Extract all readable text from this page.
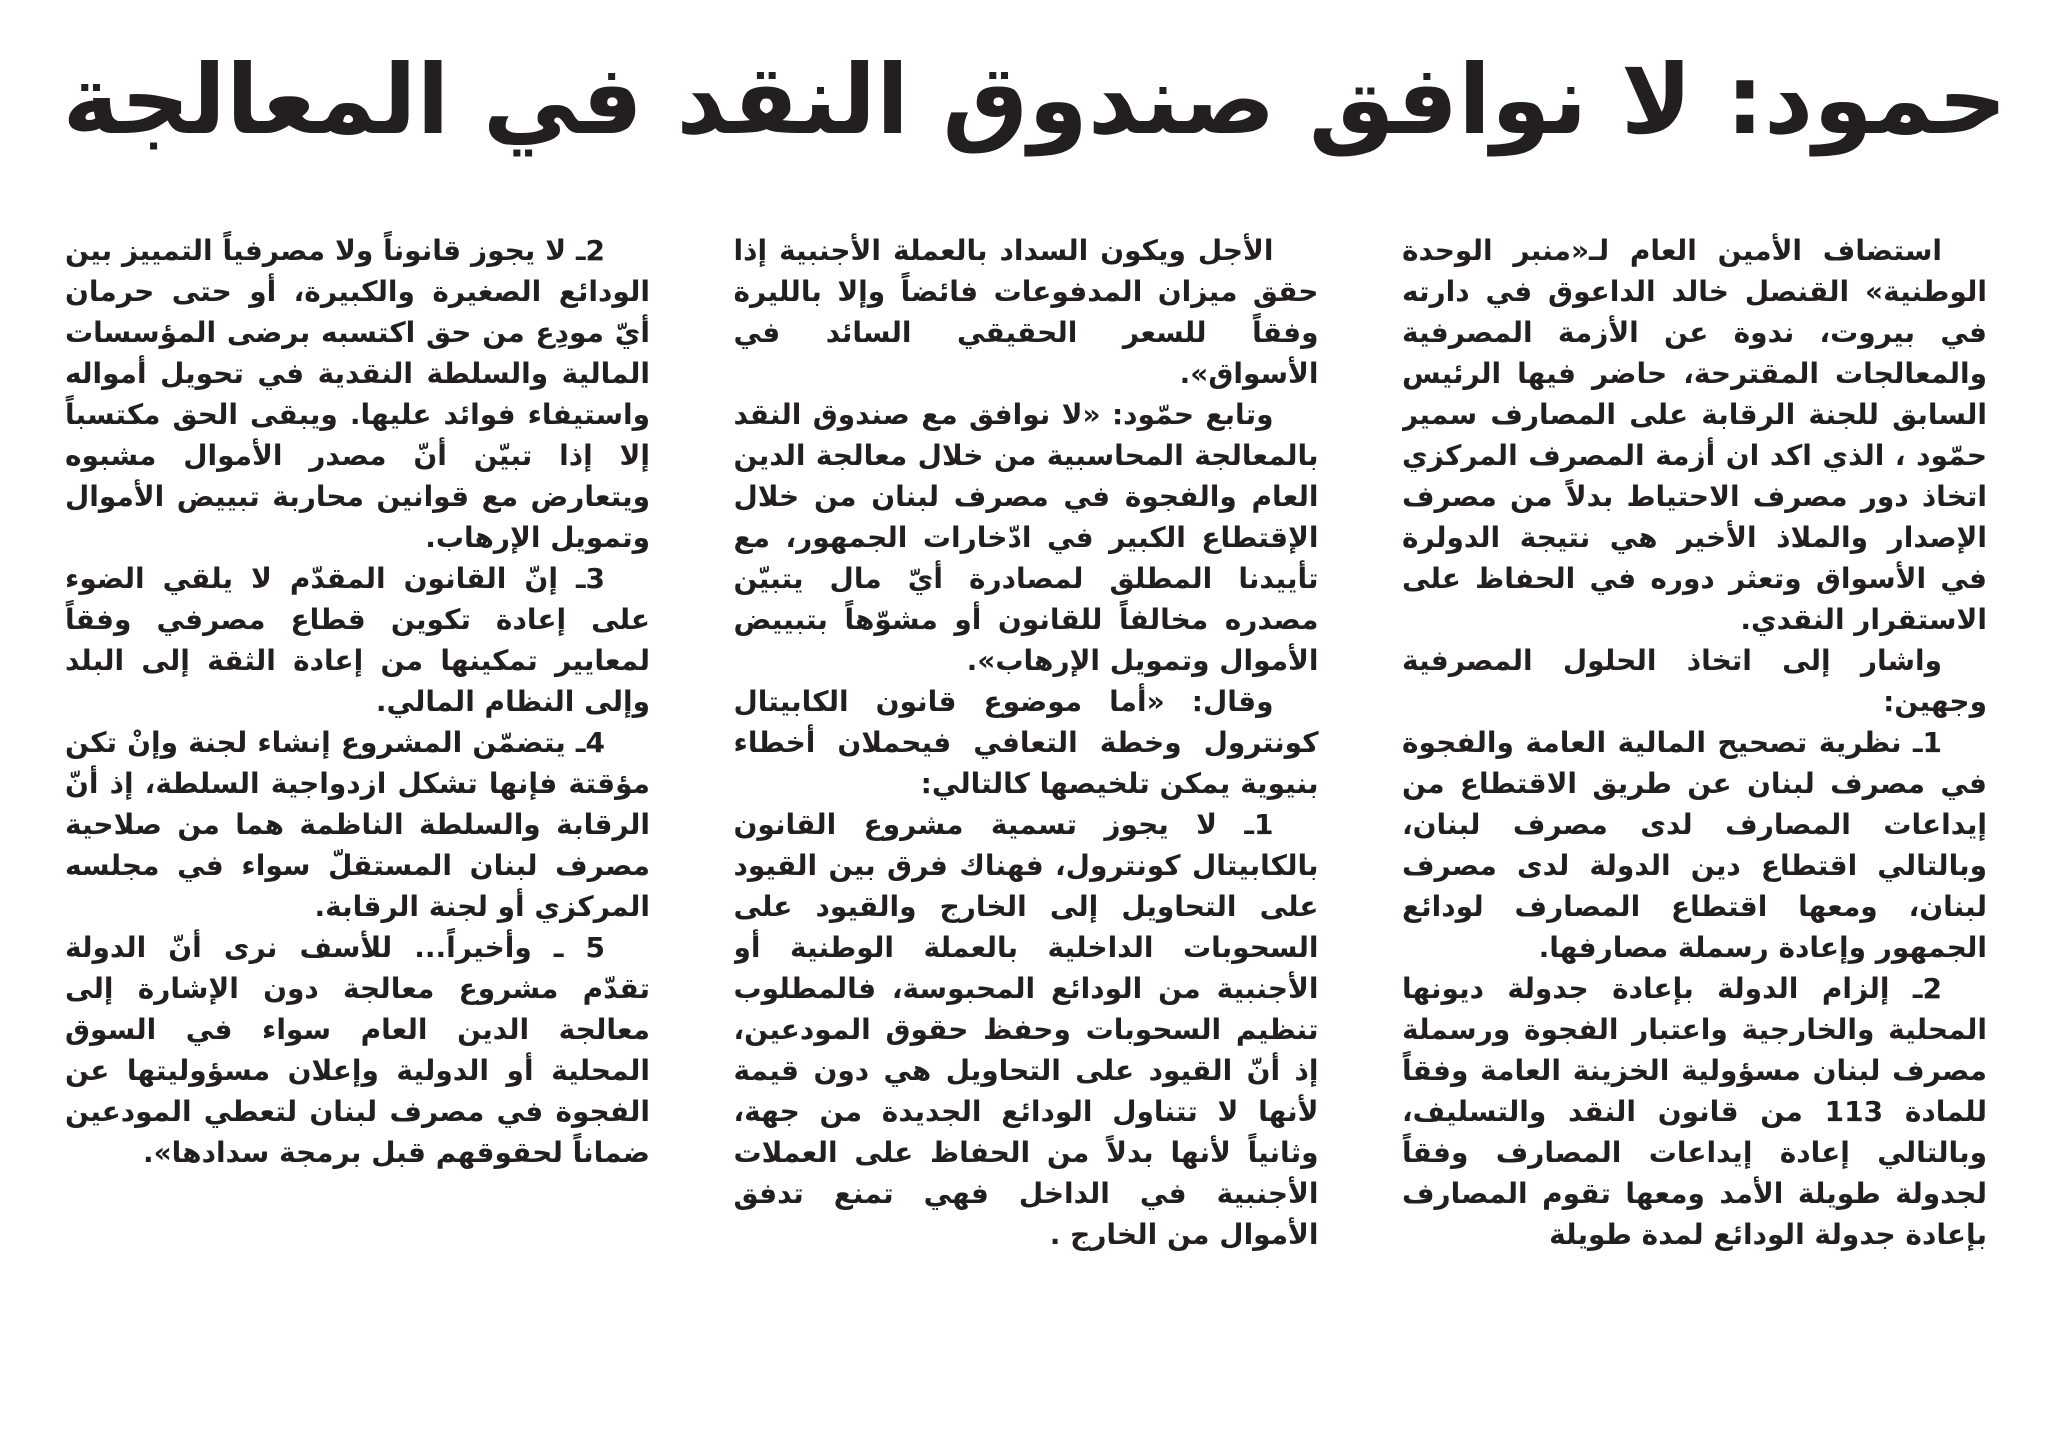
حمود: لا نوافق صندوق النقد في المعالجة

استضاف الأمين العام لـ«منبر الوحدة الوطنية» القنصل خالد الداعوق في دارته في بيروت، ندوة عن الأزمة المصرفية والمعالجات المقترحة، حاضر فيها الرئيس السابق للجنة الرقابة على المصارف سمير حمّود ، الذي اكد ان أزمة المصرف المركزي اتخاذ دور مصرف الاحتياط بدلاً من مصرف الإصدار والملاذ الأخير هي نتيجة الدولرة في الأسواق وتعثر دوره في الحفاظ على الاستقرار النقدي.

واشار إلى اتخاذ الحلول المصرفية وجهين:

1ـ نظرية تصحيح المالية العامة والفجوة في مصرف لبنان عن طريق الاقتطاع من إيداعات المصارف لدى مصرف لبنان، وبالتالي اقتطاع دين الدولة لدى مصرف لبنان، ومعها اقتطاع المصارف لودائع الجمهور وإعادة رسملة مصارفها.

2ـ إلزام الدولة بإعادة جدولة ديونها المحلية والخارجية واعتبار الفجوة ورسملة مصرف لبنان مسؤولية الخزينة العامة وفقاً للمادة 113 من قانون النقد والتسليف، وبالتالي إعادة إيداعات المصارف وفقاً لجدولة طويلة الأمد ومعها تقوم المصارف بإعادة جدولة الودائع لمدة طويلة

الأجل ويكون السداد بالعملة الأجنبية إذا حقق ميزان المدفوعات فائضاً وإلا بالليرة وفقاً للسعر الحقيقي السائد في الأسواق».

وتابع حمّود: «لا نوافق مع صندوق النقد بالمعالجة المحاسبية من خلال معالجة الدين العام والفجوة في مصرف لبنان من خلال الإقتطاع الكبير في ادّخارات الجمهور، مع تأييدنا المطلق لمصادرة أيّ مال يتبيّن مصدره مخالفاً للقانون أو مشوّهاً بتبييض الأموال وتمويل الإرهاب».

وقال: «أما موضوع قانون الكابيتال كونترول وخطة التعافي فيحملان أخطاء بنيوية يمكن تلخيصها كالتالي:

1ـ لا يجوز تسمية مشروع القانون بالكابيتال كونترول، فهناك فرق بين القيود على التحاويل إلى الخارج والقيود على السحوبات الداخلية بالعملة الوطنية أو الأجنبية من الودائع المحبوسة، فالمطلوب تنظيم السحوبات وحفظ حقوق المودعين، إذ أنّ القيود على التحاويل هي دون قيمة لأنها لا تتناول الودائع الجديدة من جهة، وثانياً لأنها بدلاً من الحفاظ على العملات الأجنبية في الداخل فهي تمنع تدفق الأموال من الخارج .

2ـ لا يجوز قانوناً ولا مصرفياً التمييز بين الودائع الصغيرة والكبيرة، أو حتى حرمان أيّ مودِع من حق اكتسبه برضى المؤسسات المالية والسلطة النقدية في تحويل أمواله واستيفاء فوائد عليها. ويبقى الحق مكتسباً إلا إذا تبيّن أنّ مصدر الأموال مشبوه ويتعارض مع قوانين محاربة تبييض الأموال وتمويل الإرهاب.

3ـ إنّ القانون المقدّم لا يلقي الضوء على إعادة تكوين قطاع مصرفي وفقاً لمعايير تمكينها من إعادة الثقة إلى البلد وإلى النظام المالي.

4ـ يتضمّن المشروع إنشاء لجنة وإنْ تكن مؤقتة فإنها تشكل ازدواجية السلطة، إذ أنّ الرقابة والسلطة الناظمة هما من صلاحية مصرف لبنان المستقلّ سواء في مجلسه المركزي أو لجنة الرقابة.

5 ـ وأخيراً... للأسف نرى أنّ الدولة تقدّم مشروع معالجة دون الإشارة إلى معالجة الدين العام سواء في السوق المحلية أو الدولية وإعلان مسؤوليتها عن الفجوة في مصرف لبنان لتعطي المودعين ضماناً لحقوقهم قبل برمجة سدادها».
